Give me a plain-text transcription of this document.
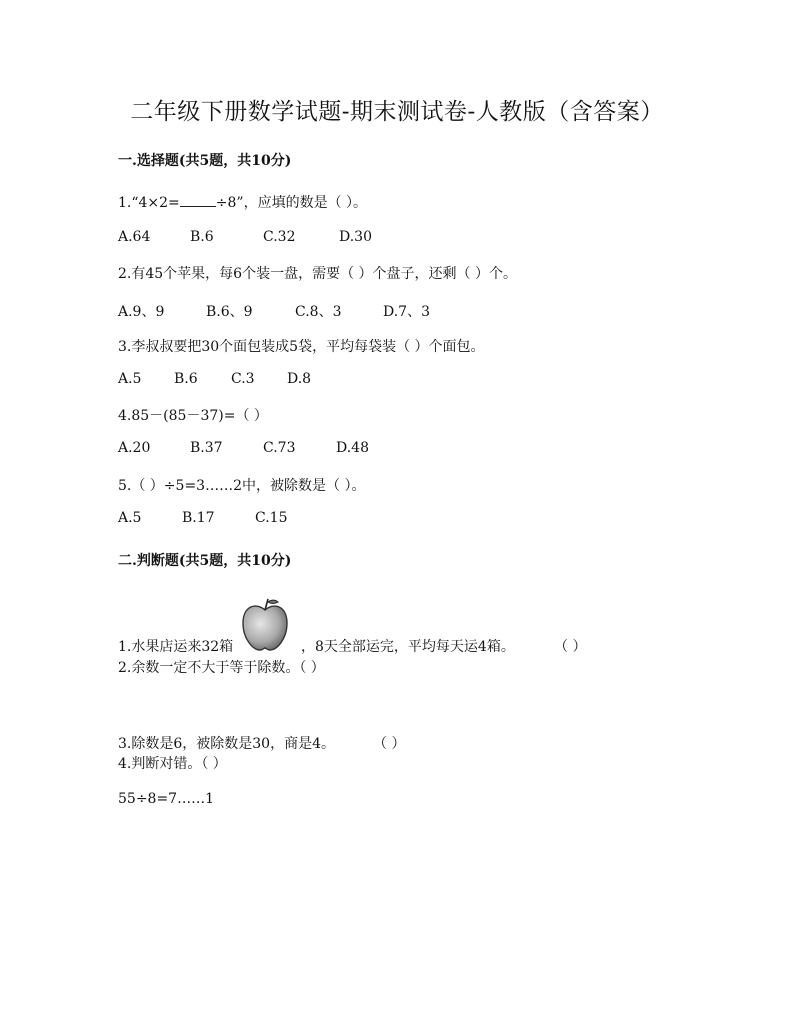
二年级下册数学试题-期末测试卷-人教版（含答案）
一.选择题(共5题，共10分)
1.“4×2=	÷8”，应填的数是（ ）。
A.64	B.6	C.32	D.30
2.有45个苹果，每6个装一盘，需要（ ）个盘子，还剩（ ）个。
A.9、9	B.6、9	C.8、3	D.7、3
3.李叔叔要把30个面包装成5袋，平均每袋装（ ）个面包。
A.5 B.6 C.3 D.8
4.85－(85－37)=（ ）
A.20	B.37	C.73	D.48
5.（ ）÷5=3……2中，被除数是（ ）。
A.5	B.17	C.15
二.判断题(共5题，共10分)
1.水果店运来32箱	，8天全部运完，平均每天运4箱。	（ ）
2.余数一定不大于等于除数。（ ）
3.除数是6，被除数是30，商是4。	（ ）
4.判断对错。（ ）
55÷8=7……1
